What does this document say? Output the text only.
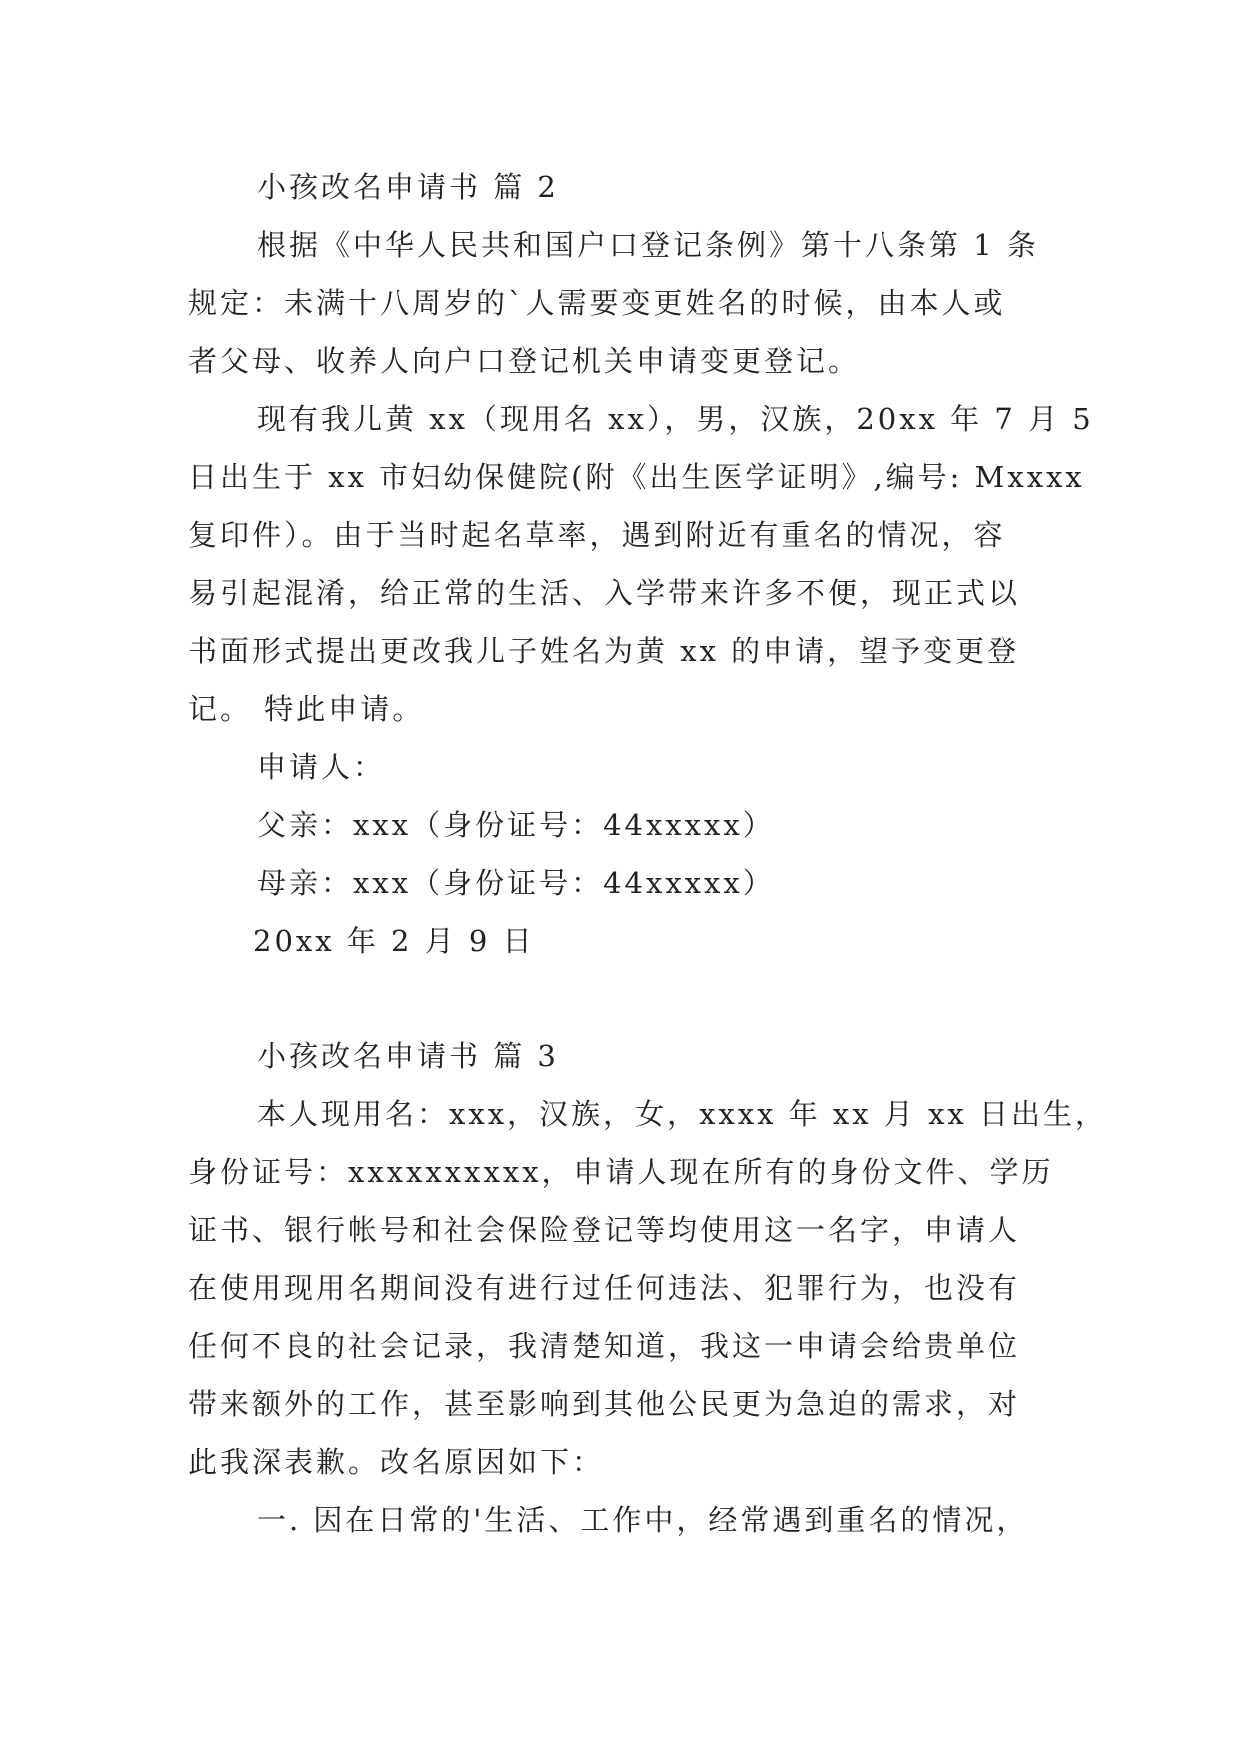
小孩改名申请书 篇 2
根据《中华人民共和国户口登记条例》第十八条第 1 条
规定：未满十八周岁的`人需要变更姓名的时候，由本人或
者父母、收养人向户口登记机关申请变更登记。
现有我儿黄 xx（现用名 xx），男，汉族，20xx 年 7 月 5
日出生于 xx 市妇幼保健院(附《出生医学证明》,编号: Mxxxx
复印件）。由于当时起名草率，遇到附近有重名的情况，容
易引起混淆，给正常的生活、入学带来许多不便，现正式以
书面形式提出更改我儿子姓名为黄 xx 的申请，望予变更登
记。 特此申请。
申请人：
父亲：xxx（身份证号：44xxxxx）
母亲：xxx（身份证号：44xxxxx）
20xx 年 2 月 9 日
小孩改名申请书 篇 3
本人现用名：xxx，汉族，女，xxxx 年 xx 月 xx 日出生，
身份证号：xxxxxxxxxx，申请人现在所有的身份文件、学历
证书、银行帐号和社会保险登记等均使用这一名字，申请人
在使用现用名期间没有进行过任何违法、犯罪行为，也没有
任何不良的社会记录，我清楚知道，我这一申请会给贵单位
带来额外的工作，甚至影响到其他公民更为急迫的需求，对
此我深表歉。改名原因如下：
一. 因在日常的'生活、工作中，经常遇到重名的情况，
